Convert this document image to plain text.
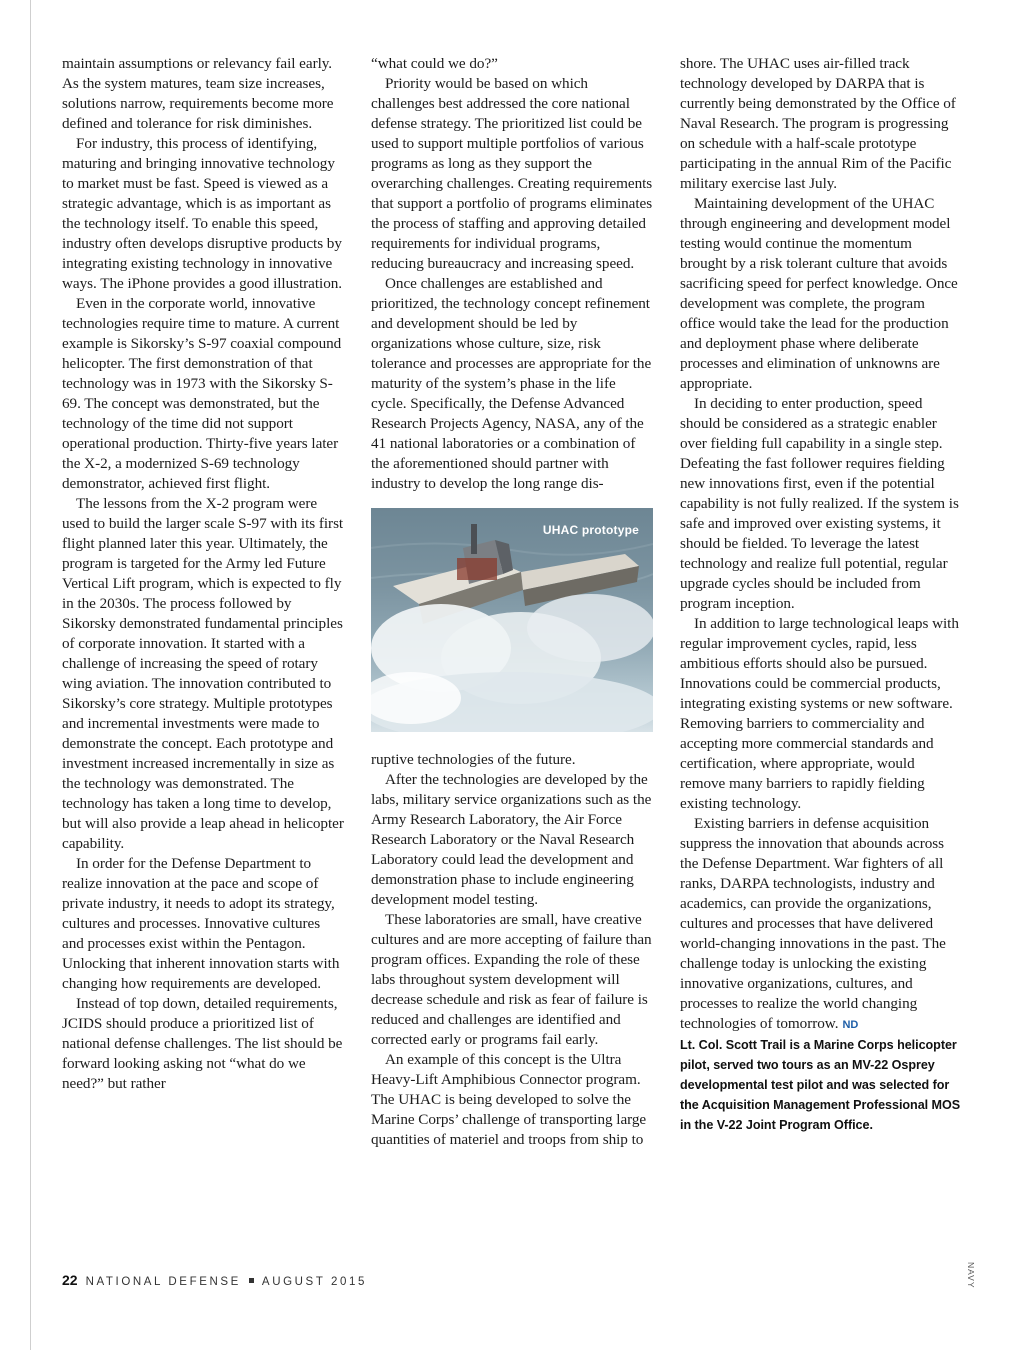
maintain assumptions or relevancy fail early. As the system matures, team size increases, solutions narrow, requirements become more defined and tolerance for risk diminishes.

For industry, this process of identifying, maturing and bringing innovative technology to market must be fast. Speed is viewed as a strategic advantage, which is as important as the technology itself. To enable this speed, industry often develops disruptive products by integrating existing technology in innovative ways. The iPhone provides a good illustration.

Even in the corporate world, innovative technologies require time to mature. A current example is Sikorsky’s S-97 coaxial compound helicopter. The first demonstration of that technology was in 1973 with the Sikorsky S-69. The concept was demonstrated, but the technology of the time did not support operational production. Thirty-five years later the X-2, a modernized S-69 technology demonstrator, achieved first flight.

The lessons from the X-2 program were used to build the larger scale S-97 with its first flight planned later this year. Ultimately, the program is targeted for the Army led Future Vertical Lift program, which is expected to fly in the 2030s. The process followed by Sikorsky demonstrated fundamental principles of corporate innovation. It started with a challenge of increasing the speed of rotary wing aviation. The innovation contributed to Sikorsky’s core strategy. Multiple prototypes and incremental investments were made to demonstrate the concept. Each prototype and investment increased incrementally in size as the technology was demonstrated. The technology has taken a long time to develop, but will also provide a leap ahead in helicopter capability.

In order for the Defense Department to realize innovation at the pace and scope of private industry, it needs to adopt its strategy, cultures and processes. Innovative cultures and processes exist within the Pentagon. Unlocking that inherent innovation starts with changing how requirements are developed.

Instead of top down, detailed requirements, JCIDS should produce a prioritized list of national defense challenges. The list should be forward looking asking not “what do we need?” but rather

“what could we do?”

Priority would be based on which challenges best addressed the core national defense strategy. The prioritized list could be used to support multiple portfolios of various programs as long as they support the overarching challenges. Creating requirements that support a portfolio of programs eliminates the process of staffing and approving detailed requirements for individual programs, reducing bureaucracy and increasing speed.

Once challenges are established and prioritized, the technology concept refinement and development should be led by organizations whose culture, size, risk tolerance and processes are appropriate for the maturity of the system’s phase in the life cycle. Specifically, the Defense Advanced Research Projects Agency, NASA, any of the 41 national laboratories or a combination of the aforementioned should partner with industry to develop the long range dis-

UHAC prototype

ruptive technologies of the future.

After the technologies are developed by the labs, military service organizations such as the Army Research Laboratory, the Air Force Research Laboratory or the Naval Research Laboratory could lead the development and demonstration phase to include engineering development model testing.

These laboratories are small, have creative cultures and are more accepting of failure than program offices. Expanding the role of these labs throughout system development will decrease schedule and risk as fear of failure is reduced and challenges are identified and corrected early or programs fail early.

An example of this concept is the Ultra Heavy-Lift Amphibious Connector program. The UHAC is being developed to solve the Marine Corps’ challenge of transporting large quantities of materiel and troops from ship to

shore. The UHAC uses air-filled track technology developed by DARPA that is currently being demonstrated by the Office of Naval Research. The program is progressing on schedule with a half-scale prototype participating in the annual Rim of the Pacific military exercise last July.

Maintaining development of the UHAC through engineering and development model testing would continue the momentum brought by a risk tolerant culture that avoids sacrificing speed for perfect knowledge. Once development was complete, the program office would take the lead for the production and deployment phase where deliberate processes and elimination of unknowns are appropriate.

In deciding to enter production, speed should be considered as a strategic enabler over fielding full capability in a single step. Defeating the fast follower requires fielding new innovations first, even if the potential capability is not fully realized. If the system is safe and improved over existing systems, it should be fielded. To leverage the latest technology and realize full potential, regular upgrade cycles should be included from program inception.

In addition to large technological leaps with regular improvement cycles, rapid, less ambitious efforts should also be pursued. Innovations could be commercial products, integrating existing systems or new software. Removing barriers to commerciality and accepting more commercial standards and certification, where appropriate, would remove many barriers to rapidly fielding existing technology.

Existing barriers in defense acquisition suppress the innovation that abounds across the Defense Department. War fighters of all ranks, DARPA technologists, industry and academics, can provide the organizations, cultures and processes that have delivered world-changing innovations in the past. The challenge today is unlocking the existing innovative organizations, cultures, and processes to realize the world changing technologies of tomorrow. ND

Lt. Col. Scott Trail is a Marine Corps helicopter pilot, served two tours as an MV-22 Osprey developmental test pilot and was selected for the Acquisition Management Professional MOS in the V-22 Joint Program Office.

22 NATIONAL DEFENSE AUGUST 2015	NAVY
